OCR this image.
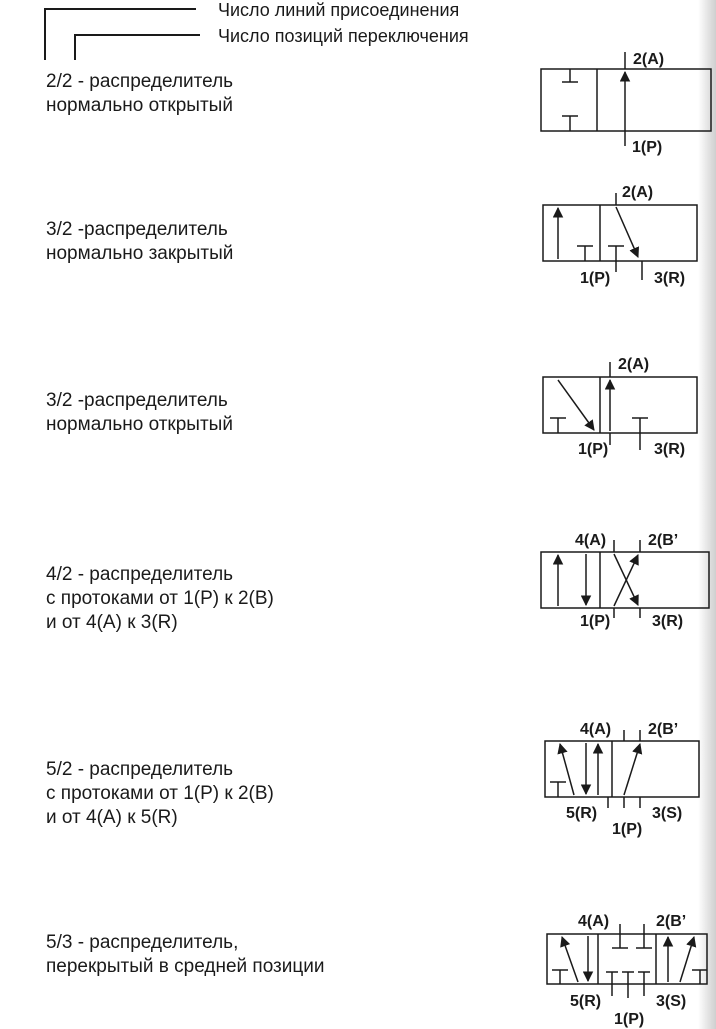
Число линий присоединения
Число позиций переключения
2/2 - распределитель
нормально открытый
3/2 -распределитель
нормально закрытый
3/2 -распределитель
нормально открытый
4/2 - распределитель
с протоками от 1(P) к 2(B)
и от 4(A) к 3(R)
5/2 - распределитель
с протоками от 1(P) к 2(B)
и от 4(A) к 5(R)
5/3 - распределитель,
перекрытый в средней позиции
2(A)
1(P)
2(A)
1(P)	3(R)
2(A)
1(P)	3(R)
4(A)	2(B’
1(P)	3(R)
4(A) 2(B’
5(R)	3(S)
1(P)
4(A)	2(B’
5(R)	3(S)
1(P)
